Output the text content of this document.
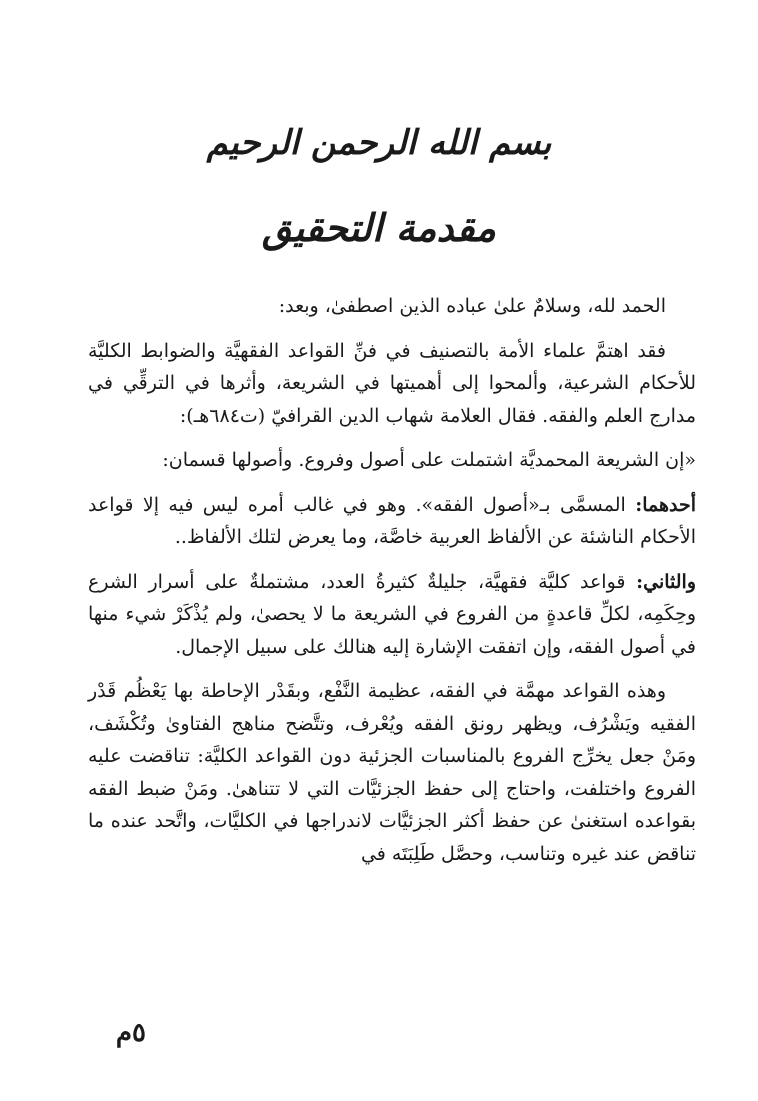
بسم الله الرحمن الرحيم
مقدمة التحقيق

الحمد لله، وسلامٌ علىٰ عباده الذين اصطفىٰ، وبعد:

فقد اهتمَّ علماء الأمة بالتصنيف في فنِّ القواعد الفقهيَّة والضوابط الكليَّة للأحكام الشرعية، وألمحوا إلى أهميتها في الشريعة، وأثرها في الترقِّي في مدارج العلم والفقه. فقال العلامة شهاب الدين القرافيّ (ت٦٨٤هـ):

«إن الشريعة المحمديَّة اشتملت على أصول وفروع. وأصولها قسمان:

أحدهما: المسمَّى بـ«أصول الفقه». وهو في غالب أمره ليس فيه إلا قواعد الأحكام الناشئة عن الألفاظ العربية خاصَّة، وما يعرض لتلك الألفاظ..

والثاني: قواعد كليَّة فقهيَّة، جليلةٌ كثيرةُ العدد، مشتملةٌ على أسرار الشرع وحِكَمِه، لكلِّ قاعدةٍ من الفروع في الشريعة ما لا يحصىٰ، ولم يُذْكَرْ شيء منها في أصول الفقه، وإن اتفقت الإشارة إليه هنالك على سبيل الإجمال.

وهذه القواعد مهمَّة في الفقه، عظيمة النَّفْع، وبقَدْر الإحاطة بها يَعْظُم قَدْر الفقيه ويَشْرُف، ويظهر رونق الفقه ويُعْرف، وتتَّضح مناهج الفتاوىٰ وتُكْشَف، ومَنْ جعل يخرِّج الفروع بالمناسبات الجزئية دون القواعد الكليَّة: تناقضت عليه الفروع واختلفت، واحتاج إلى حفظ الجزئيَّات التي لا تتناهىٰ. ومَنْ ضبط الفقه بقواعده استغنىٰ عن حفظ أكثر الجزئيَّات لاندراجها في الكليَّات، واتَّحد عنده ما تناقض عند غيره وتناسب، وحصَّل طَلِبَتَه في

٥م
